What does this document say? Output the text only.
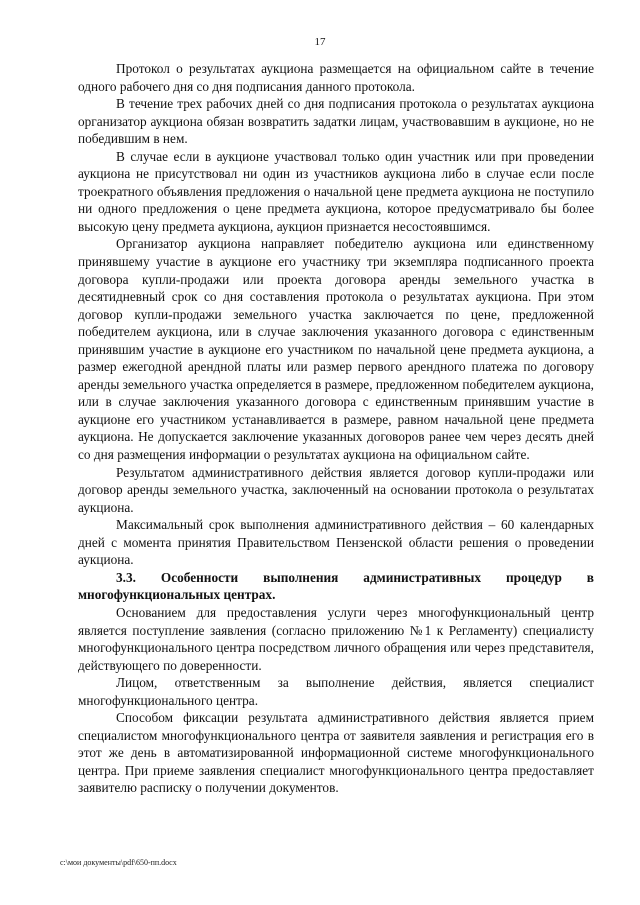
17

Протокол о результатах аукциона размещается на официальном сайте в течение одного рабочего дня со дня подписания данного протокола.

В течение трех рабочих дней со дня подписания протокола о результатах аукциона организатор аукциона обязан возвратить задатки лицам, участвовавшим в аукционе, но не победившим в нем.

В случае если в аукционе участвовал только один участник или при проведении аукциона не присутствовал ни один из участников аукциона либо в случае если после троекратного объявления предложения о начальной цене предмета аукциона не поступило ни одного предложения о цене предмета аукциона, которое предусматривало бы более высокую цену предмета аукциона, аукцион признается несостоявшимся.

Организатор аукциона направляет победителю аукциона или единственному принявшему участие в аукционе его участнику три экземпляра подписанного проекта договора купли-продажи или проекта договора аренды земельного участка в десятидневный срок со дня составления протокола о результатах аукциона. При этом договор купли-продажи земельного участка заключается по цене, предложенной победителем аукциона, или в случае заключения указанного договора с единственным принявшим участие в аукционе его участником по начальной цене предмета аукциона, а размер ежегодной арендной платы или размер первого арендного платежа по договору аренды земельного участка определяется в размере, предложенном победителем аукциона, или в случае заключения указанного договора с единственным принявшим участие в аукционе его участником устанавливается в размере, равном начальной цене предмета аукциона. Не допускается заключение указанных договоров ранее чем через десять дней со дня размещения информации о результатах аукциона на официальном сайте.

Результатом административного действия является договор купли-продажи или договор аренды земельного участка, заключенный на основании протокола о результатах аукциона.

Максимальный срок выполнения административного действия – 60 календарных дней с момента принятия Правительством Пензенской области решения о проведении аукциона.

3.3. Особенности выполнения административных процедур в многофункциональных центрах.

Основанием для предоставления услуги через многофункциональный центр является поступление заявления (согласно приложению №1 к Регламенту) специалисту многофункционального центра посредством личного обращения или через представителя, действующего по доверенности.

Лицом, ответственным за выполнение действия, является специалист многофункционального центра.

Способом фиксации результата административного действия является прием специалистом многофункционального центра от заявителя заявления и регистрация его в этот же день в автоматизированной информационной системе многофункционального центра. При приеме заявления специалист многофункционального центра предоставляет заявителю расписку о получении документов.

c:\мои документы\pdf\650-пп.docx
